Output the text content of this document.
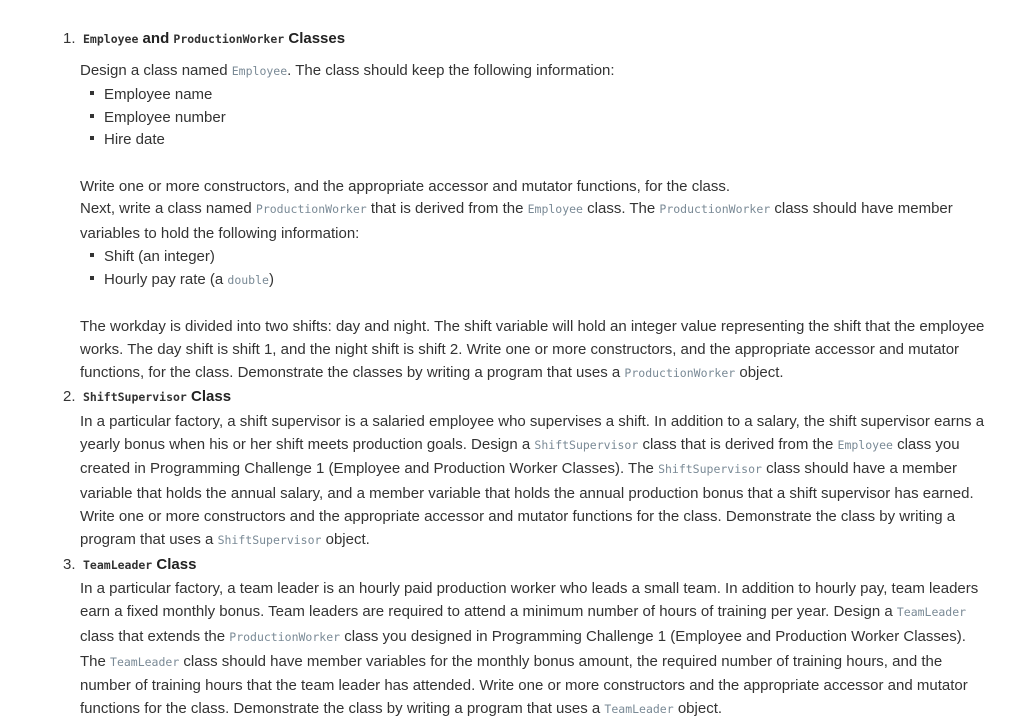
1. Employee and ProductionWorker Classes
Design a class named Employee. The class should keep the following information:
Employee name
Employee number
Hire date
Write one or more constructors, and the appropriate accessor and mutator functions, for the class.
Next, write a class named ProductionWorker that is derived from the Employee class. The ProductionWorker class should have member
variables to hold the following information:
Shift (an integer)
Hourly pay rate (a double)
The workday is divided into two shifts: day and night. The shift variable will hold an integer value representing the shift that the employee
works. The day shift is shift 1, and the night shift is shift 2. Write one or more constructors, and the appropriate accessor and mutator
functions, for the class. Demonstrate the classes by writing a program that uses a ProductionWorker object.
2. ShiftSupervisor Class
In a particular factory, a shift supervisor is a salaried employee who supervises a shift. In addition to a salary, the shift supervisor earns a
yearly bonus when his or her shift meets production goals. Design a ShiftSupervisor class that is derived from the Employee class you
created in Programming Challenge 1 (Employee and Production Worker Classes). The ShiftSupervisor class should have a member
variable that holds the annual salary, and a member variable that holds the annual production bonus that a shift supervisor has earned.
Write one or more constructors and the appropriate accessor and mutator functions for the class. Demonstrate the class by writing a
program that uses a ShiftSupervisor object.
3. TeamLeader Class
In a particular factory, a team leader is an hourly paid production worker who leads a small team. In addition to hourly pay, team leaders
earn a fixed monthly bonus. Team leaders are required to attend a minimum number of hours of training per year. Design a TeamLeader
class that extends the ProductionWorker class you designed in Programming Challenge 1 (Employee and Production Worker Classes).
The TeamLeader class should have member variables for the monthly bonus amount, the required number of training hours, and the
number of training hours that the team leader has attended. Write one or more constructors and the appropriate accessor and mutator
functions for the class. Demonstrate the class by writing a program that uses a TeamLeader object.
